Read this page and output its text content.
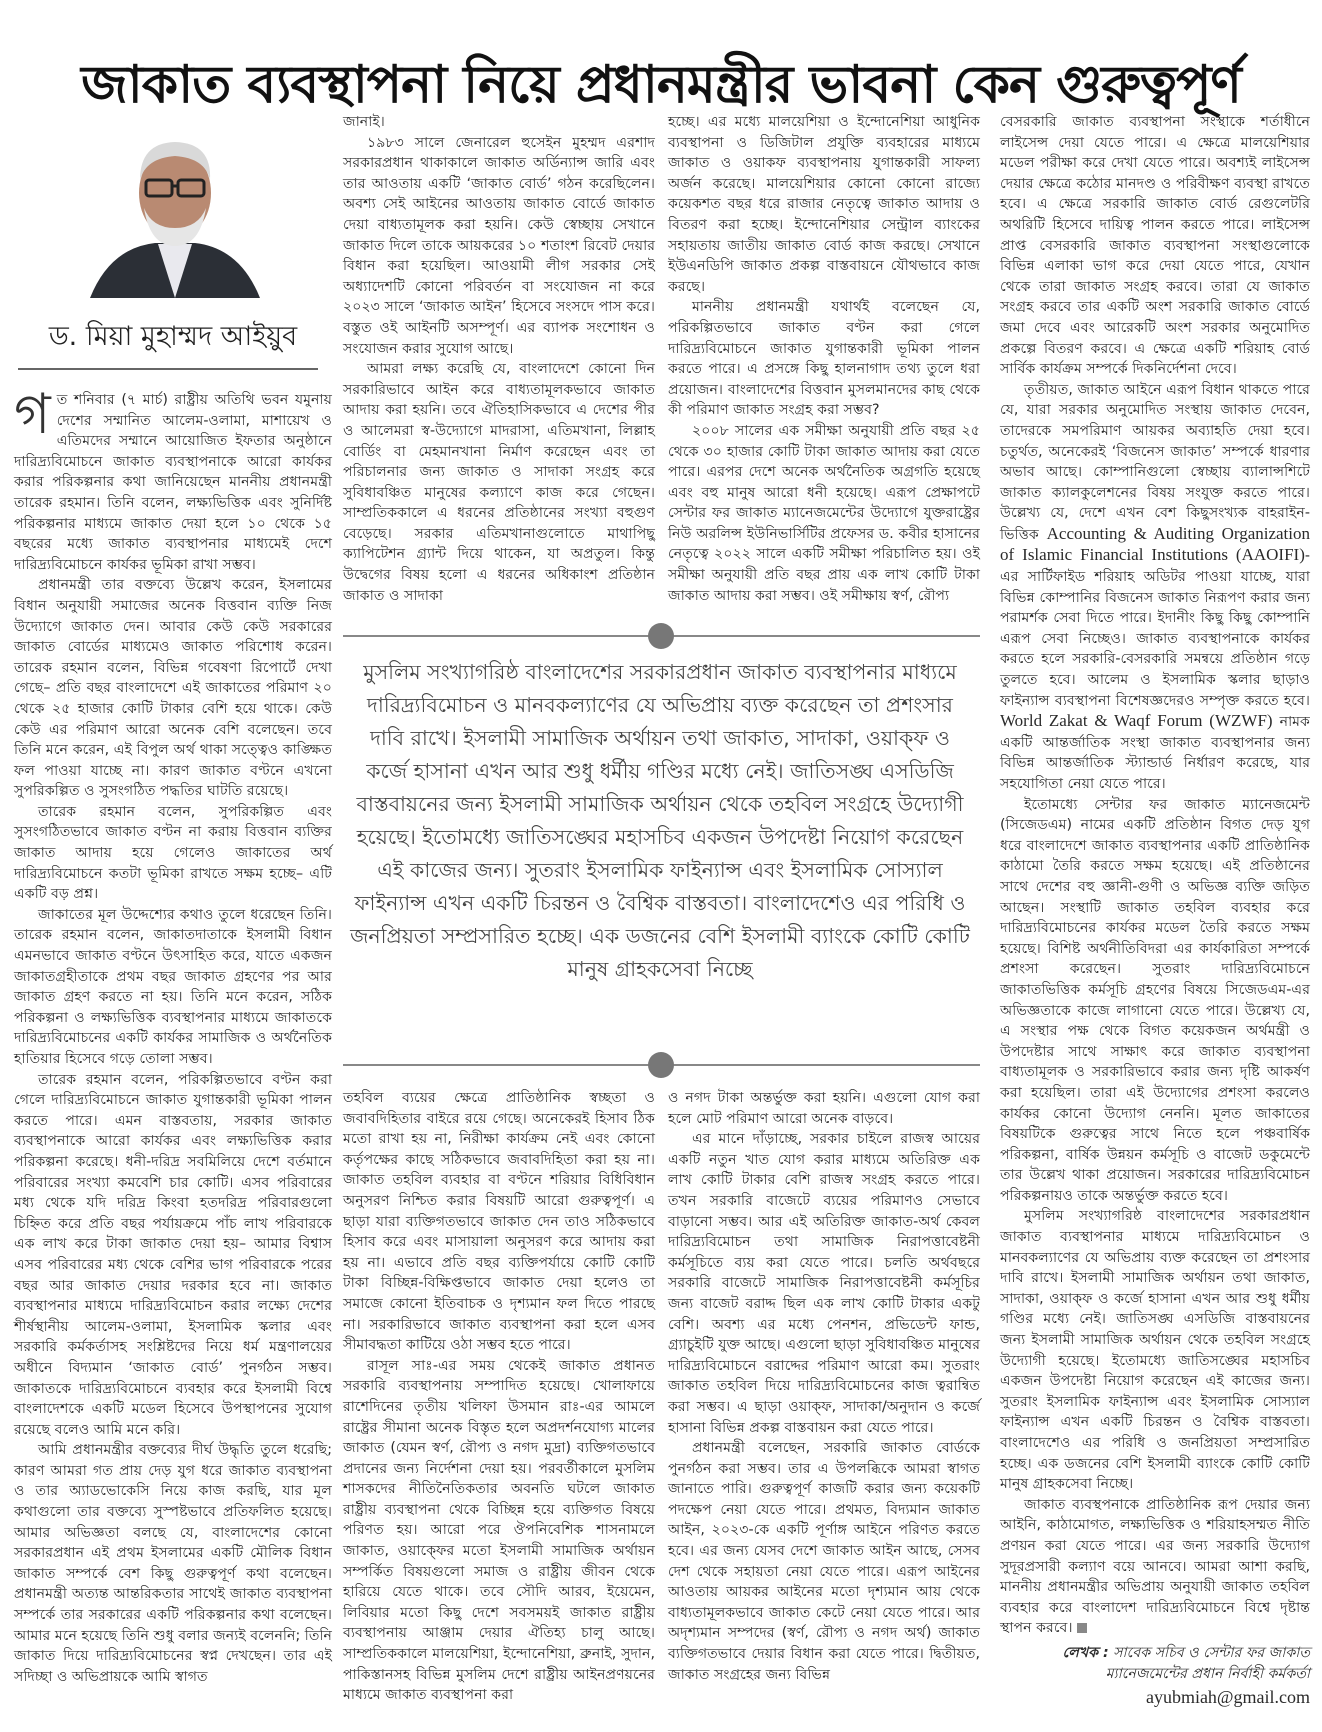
জাকাত ব্যবস্থাপনা নিয়ে প্রধানমন্ত্রীর ভাবনা কেন গুরুত্বপূর্ণ
ড. মিয়া মুহাম্মদ আইয়ুব

গত শনিবার (৭ মার্চ) রাষ্ট্রীয় অতিথি ভবন যমুনায় দেশের সম্মানিত আলেম-ওলামা, মাশায়েখ ও এতিমদের সম্মানে আয়োজিত ইফতার অনুষ্ঠানে দারিদ্র্যবিমোচনে জাকাত ব্যবস্থাপনাকে আরো কার্যকর করার পরিকল্পনার কথা জানিয়েছেন মাননীয় প্রধানমন্ত্রী তারেক রহমান। তিনি বলেন, লক্ষ্যভিত্তিক এবং সুনির্দিষ্ট পরিকল্পনার মাধ্যমে জাকাত দেয়া হলে ১০ থেকে ১৫ বছরের মধ্যে জাকাত ব্যবস্থাপনার মাধ্যমেই দেশে দারিদ্র্যবিমোচনে কার্যকর ভূমিকা রাখা সম্ভব।

প্রধানমন্ত্রী তার বক্তব্যে উল্লেখ করেন, ইসলামের বিধান অনুযায়ী সমাজের অনেক বিত্তবান ব্যক্তি নিজ উদ্যোগে জাকাত দেন। আবার কেউ কেউ সরকারের জাকাত বোর্ডের মাধ্যমেও জাকাত পরিশোধ করেন। তারেক রহমান বলেন, বিভিন্ন গবেষণা রিপোর্টে দেখা গেছে– প্রতি বছর বাংলাদেশে এই জাকাতের পরিমাণ ২০ থেকে ২৫ হাজার কোটি টাকার বেশি হয়ে থাকে। কেউ কেউ এর পরিমাণ আরো অনেক বেশি বলেছেন। তবে তিনি মনে করেন, এই বিপুল অর্থ থাকা সত্ত্বেও কাঙ্ক্ষিত ফল পাওয়া যাচ্ছে না। কারণ জাকাত বণ্টনে এখনো সুপরিকল্পিত ও সুসংগঠিত পদ্ধতির ঘাটতি রয়েছে।

তারেক রহমান বলেন, সুপরিকল্পিত এবং সুসংগঠিতভাবে জাকাত বণ্টন না করায় বিত্তবান ব্যক্তির জাকাত আদায় হয়ে গেলেও জাকাতের অর্থ দারিদ্র্যবিমোচনে কতটা ভূমিকা রাখতে সক্ষম হচ্ছে– এটি একটি বড় প্রশ্ন।

জাকাতের মূল উদ্দেশ্যের কথাও তুলে ধরেছেন তিনি। তারেক রহমান বলেন, জাকাতদাতাকে ইসলামী বিধান এমনভাবে জাকাত বণ্টনে উৎসাহিত করে, যাতে একজন জাকাতগ্রহীতাকে প্রথম বছর জাকাত গ্রহণের পর আর জাকাত গ্রহণ করতে না হয়। তিনি মনে করেন, সঠিক পরিকল্পনা ও লক্ষ্যভিত্তিক ব্যবস্থাপনার মাধ্যমে জাকাতকে দারিদ্র্যবিমোচনের একটি কার্যকর সামাজিক ও অর্থনৈতিক হাতিয়ার হিসেবে গড়ে তোলা সম্ভব।

তারেক রহমান বলেন, পরিকল্পিতভাবে বণ্টন করা গেলে দারিদ্র্যবিমোচনে জাকাত যুগান্তকারী ভূমিকা পালন করতে পারে। এমন বাস্তবতায়, সরকার জাকাত ব্যবস্থাপনাকে আরো কার্যকর এবং লক্ষ্যভিত্তিক করার পরিকল্পনা করেছে। ধনী-দরিদ্র সবমিলিয়ে দেশে বর্তমানে পরিবারের সংখ্যা কমবেশি চার কোটি। এসব পরিবারের মধ্য থেকে যদি দরিদ্র কিংবা হতদরিদ্র পরিবারগুলো চিহ্নিত করে প্রতি বছর পর্যায়ক্রমে পাঁচ লাখ পরিবারকে এক লাখ করে টাকা জাকাত দেয়া হয়– আমার বিশ্বাস এসব পরিবারের মধ্য থেকে বেশির ভাগ পরিবারকে পরের বছর আর জাকাত দেয়ার দরকার হবে না। জাকাত ব্যবস্থাপনার মাধ্যমে দারিদ্র্যবিমোচন করার লক্ষ্যে দেশের শীর্ষস্থানীয় আলেম-ওলামা, ইসলামিক স্কলার এবং সরকারি কর্মকর্তাসহ সংশ্লিষ্টদের নিয়ে ধর্ম মন্ত্রণালয়ের অধীনে বিদ্যমান ‘জাকাত বোর্ড’ পুনর্গঠন সম্ভব। জাকাতকে দারিদ্র্যবিমোচনে ব্যবহার করে ইসলামী বিশ্বে বাংলাদেশকে একটি মডেল হিসেবে উপস্থাপনের সুযোগ রয়েছে বলেও আমি মনে করি।

আমি প্রধানমন্ত্রীর বক্তব্যের দীর্ঘ উদ্ধৃতি তুলে ধরেছি; কারণ আমরা গত প্রায় দেড় যুগ ধরে জাকাত ব্যবস্থাপনা ও তার অ্যাডভোকেসি নিয়ে কাজ করছি, যার মূল কথাগুলো তার বক্তব্যে সুস্পষ্টভাবে প্রতিফলিত হয়েছে। আমার অভিজ্ঞতা বলছে যে, বাংলাদেশের কোনো সরকারপ্রধান এই প্রথম ইসলামের একটি মৌলিক বিধান জাকাত সম্পর্কে বেশ কিছু গুরুত্বপূর্ণ কথা বলেছেন। প্রধানমন্ত্রী অত্যন্ত আন্তরিকতার সাথেই জাকাত ব্যবস্থাপনা সম্পর্কে তার সরকারের একটি পরিকল্পনার কথা বলেছেন। আমার মনে হয়েছে তিনি শুধু বলার জন্যই বলেননি; তিনি জাকাত দিয়ে দারিদ্র্যবিমোচনের স্বপ্ন দেখছেন। তার এই সদিচ্ছা ও অভিপ্রায়কে আমি স্বাগত

জানাই।

১৯৮৩ সালে জেনারেল হুসেইন মুহম্মদ এরশাদ সরকারপ্রধান থাকাকালে জাকাত অর্ডিন্যান্স জারি এবং তার আওতায় একটি ‘জাকাত বোর্ড’ গঠন করেছিলেন। অবশ্য সেই আইনের আওতায় জাকাত বোর্ডে জাকাত দেয়া বাধ্যতামূলক করা হয়নি। কেউ স্বেচ্ছায় সেখানে জাকাত দিলে তাকে আয়করের ১০ শতাংশ রিবেট দেয়ার বিধান করা হয়েছিল। আওয়ামী লীগ সরকার সেই অধ্যাদেশটি কোনো পরিবর্তন বা সংযোজন না করে ২০২৩ সালে ‘জাকাত আইন’ হিসেবে সংসদে পাস করে। বস্তুত ওই আইনটি অসম্পূর্ণ। এর ব্যাপক সংশোধন ও সংযোজন করার সুযোগ আছে।

আমরা লক্ষ্য করেছি যে, বাংলাদেশে কোনো দিন সরকারিভাবে আইন করে বাধ্যতামূলকভাবে জাকাত আদায় করা হয়নি। তবে ঐতিহাসিকভাবে এ দেশের পীর ও আলেমরা স্ব-উদ্যোগে মাদরাসা, এতিমখানা, লিল্লাহ বোর্ডিং বা মেহমানখানা নির্মাণ করেছেন এবং তা পরিচালনার জন্য জাকাত ও সাদাকা সংগ্রহ করে সুবিধাবঞ্চিত মানুষের কল্যাণে কাজ করে গেছেন। সাম্প্রতিককালে এ ধরনের প্রতিষ্ঠানের সংখ্যা বহুগুণ বেড়েছে। সরকার এতিমখানাগুলোতে মাথাপিছু ক্যাপিটেশন গ্র্যান্ট দিয়ে থাকেন, যা অপ্রতুল। কিন্তু উদ্বেগের বিষয় হলো এ ধরনের অধিকাংশ প্রতিষ্ঠান জাকাত ও সাদাকা

হচ্ছে। এর মধ্যে মালয়েশিয়া ও ইন্দোনেশিয়া আধুনিক ব্যবস্থাপনা ও ডিজিটাল প্রযুক্তি ব্যবহারের মাধ্যমে জাকাত ও ওয়াকফ ব্যবস্থাপনায় যুগান্তকারী সাফল্য অর্জন করেছে। মালয়েশিয়ার কোনো কোনো রাজ্যে কয়েকশত বছর ধরে রাজার নেতৃত্বে জাকাত আদায় ও বিতরণ করা হচ্ছে। ইন্দোনেশিয়ার সেন্ট্রাল ব্যাংকের সহায়তায় জাতীয় জাকাত বোর্ড কাজ করছে। সেখানে ইউএনডিপি জাকাত প্রকল্প বাস্তবায়নে যৌথভাবে কাজ করছে।

মাননীয় প্রধানমন্ত্রী যথার্থই বলেছেন যে, পরিকল্পিতভাবে জাকাত বণ্টন করা গেলে দারিদ্র্যবিমোচনে জাকাত যুগান্তকারী ভূমিকা পালন করতে পারে। এ প্রসঙ্গে কিছু হালনাগাদ তথ্য তুলে ধরা প্রয়োজন। বাংলাদেশের বিত্তবান মুসলমানদের কাছ থেকে কী পরিমাণ জাকাত সংগ্রহ করা সম্ভব?

২০০৮ সালের এক সমীক্ষা অনুযায়ী প্রতি বছর ২৫ থেকে ৩০ হাজার কোটি টাকা জাকাত আদায় করা যেতে পারে। এরপর দেশে অনেক অর্থনৈতিক অগ্রগতি হয়েছে এবং বহু মানুষ আরো ধনী হয়েছে। এরূপ প্রেক্ষাপটে সেন্টার ফর জাকাত ম্যানেজমেন্টের উদ্যোগে যুক্তরাষ্ট্রের নিউ অরলিন্স ইউনিভার্সিটির প্রফেসর ড. কবীর হাসানের নেতৃত্বে ২০২২ সালে একটি সমীক্ষা পরিচালিত হয়। ওই সমীক্ষা অনুযায়ী প্রতি বছর প্রায় এক লাখ কোটি টাকা জাকাত আদায় করা সম্ভব। ওই সমীক্ষায় স্বর্ণ, রৌপ্য

মুসলিম সংখ্যাগরিষ্ঠ বাংলাদেশের সরকারপ্রধান জাকাত ব্যবস্থাপনার মাধ্যমে দারিদ্র্যবিমোচন ও মানবকল্যাণের যে অভিপ্রায় ব্যক্ত করেছেন তা প্রশংসার দাবি রাখে। ইসলামী সামাজিক অর্থায়ন তথা জাকাত, সাদাকা, ওয়াক্ফ ও কর্জে হাসানা এখন আর শুধু ধর্মীয় গণ্ডির মধ্যে নেই। জাতিসঙ্ঘ এসডিজি বাস্তবায়নের জন্য ইসলামী সামাজিক অর্থায়ন থেকে তহবিল সংগ্রহে উদ্যোগী হয়েছে। ইতোমধ্যে জাতিসঙ্ঘের মহাসচিব একজন উপদেষ্টা নিয়োগ করেছেন এই কাজের জন্য। সুতরাং ইসলামিক ফাইন্যান্স এবং ইসলামিক সোস্যাল ফাইন্যান্স এখন একটি চিরন্তন ও বৈশ্বিক বাস্তবতা। বাংলাদেশেও এর পরিধি ও জনপ্রিয়তা সম্প্রসারিত হচ্ছে। এক ডজনের বেশি ইসলামী ব্যাংকে কোটি কোটি মানুষ গ্রাহকসেবা নিচ্ছে

তহবিল ব্যয়ের ক্ষেত্রে প্রাতিষ্ঠানিক স্বচ্ছতা ও জবাবদিহিতার বাইরে রয়ে গেছে। অনেকেরই হিসাব ঠিক মতো রাখা হয় না, নিরীক্ষা কার্যক্রম নেই এবং কোনো কর্তৃপক্ষের কাছে সঠিকভাবে জবাবদিহিতা করা হয় না। জাকাত তহবিল ব্যবহার বা বণ্টনে শরিয়ার বিধিবিধান অনুসরণ নিশ্চিত করার বিষয়টি আরো গুরুত্বপূর্ণ। এ ছাড়া যারা ব্যক্তিগতভাবে জাকাত দেন তাও সঠিকভাবে হিসাব করে এবং মাসায়ালা অনুসরণ করে আদায় করা হয় না। এভাবে প্রতি বছর ব্যক্তিপর্যায়ে কোটি কোটি টাকা বিচ্ছিন্ন-বিক্ষিপ্তভাবে জাকাত দেয়া হলেও তা সমাজে কোনো ইতিবাচক ও দৃশ্যমান ফল দিতে পারছে না। সরকারিভাবে জাকাত ব্যবস্থাপনা করা হলে এসব সীমাবদ্ধতা কাটিয়ে ওঠা সম্ভব হতে পারে।

রাসূল সাঃ-এর সময় থেকেই জাকাত প্রধানত সরকারি ব্যবস্থাপনায় সম্পাদিত হয়েছে। খোলাফায়ে রাশেদিনের তৃতীয় খলিফা উসমান রাঃ-এর আমলে রাষ্ট্রের সীমানা অনেক বিস্তৃত হলে অপ্রদর্শনযোগ্য মালের জাকাত (যেমন স্বর্ণ, রৌপ্য ও নগদ মুদ্রা) ব্যক্তিগতভাবে প্রদানের জন্য নির্দেশনা দেয়া হয়। পরবর্তীকালে মুসলিম শাসকদের নীতিনৈতিকতার অবনতি ঘটলে জাকাত রাষ্ট্রীয় ব্যবস্থাপনা থেকে বিচ্ছিন্ন হয়ে ব্যক্তিগত বিষয়ে পরিণত হয়। আরো পরে ঔপনিবেশিক শাসনামলে জাকাত, ওয়াক্ফের মতো ইসলামী সামাজিক অর্থায়ন সম্পর্কিত বিষয়গুলো সমাজ ও রাষ্ট্রীয় জীবন থেকে হারিয়ে যেতে থাকে। তবে সৌদি আরব, ইয়েমেন, লিবিয়ার মতো কিছু দেশে সবসময়ই জাকাত রাষ্ট্রীয় ব্যবস্থাপনায় আঞ্জাম দেয়ার ঐতিহ্য চালু আছে। সাম্প্রতিককালে মালয়েশিয়া, ইন্দোনেশিয়া, ব্রুনাই, সুদান, পাকিস্তানসহ বিভিন্ন মুসলিম দেশে রাষ্ট্রীয় আইনপ্রণয়নের মাধ্যমে জাকাত ব্যবস্থাপনা করা

ও নগদ টাকা অন্তর্ভুক্ত করা হয়নি। এগুলো যোগ করা হলে মোট পরিমাণ আরো অনেক বাড়বে।

এর মানে দাঁড়াচ্ছে, সরকার চাইলে রাজস্ব আয়ের একটি নতুন খাত যোগ করার মাধ্যমে অতিরিক্ত এক লাখ কোটি টাকার বেশি রাজস্ব সংগ্রহ করতে পারে। তখন সরকারি বাজেটে ব্যয়ের পরিমাণও সেভাবে বাড়ানো সম্ভব। আর এই অতিরিক্ত জাকাত-অর্থ কেবল দারিদ্র্যবিমোচন তথা সামাজিক নিরাপত্তাবেষ্টনী কর্মসূচিতে ব্যয় করা যেতে পারে। চলতি অর্থবছরে সরকারি বাজেটে সামাজিক নিরাপত্তাবেষ্টনী কর্মসূচির জন্য বাজেট বরাদ্দ ছিল এক লাখ কোটি টাকার একটু বেশি। অবশ্য এর মধ্যে পেনশন, প্রভিডেন্ট ফান্ড, গ্র্যাচুইটি যুক্ত আছে। এগুলো ছাড়া সুবিধাবঞ্চিত মানুষের দারিদ্র্যবিমোচনে বরাদ্দের পরিমাণ আরো কম। সুতরাং জাকাত তহবিল দিয়ে দারিদ্র্যবিমোচনের কাজ ত্বরান্বিত করা সম্ভব। এ ছাড়া ওয়াক্ফ, সাদাকা/অনুদান ও কর্জে হাসানা বিভিন্ন প্রকল্প বাস্তবায়ন করা যেতে পারে।

প্রধানমন্ত্রী বলেছেন, সরকারি জাকাত বোর্ডকে পুনর্গঠন করা সম্ভব। তার এ উপলব্ধিকে আমরা স্বাগত জানাতে পারি। গুরুত্বপূর্ণ কাজটি করার জন্য কয়েকটি পদক্ষেপ নেয়া যেতে পারে। প্রথমত, বিদ্যমান জাকাত আইন, ২০২৩-কে একটি পূর্ণাঙ্গ আইনে পরিণত করতে হবে। এর জন্য যেসব দেশে জাকাত আইন আছে, সেসব দেশ থেকে সহায়তা নেয়া যেতে পারে। এরূপ আইনের আওতায় আয়কর আইনের মতো দৃশ্যমান আয় থেকে বাধ্যতামূলকভাবে জাকাত কেটে নেয়া যেতে পারে। আর অদৃশ্যমান সম্পদের (স্বর্ণ, রৌপ্য ও নগদ অর্থ) জাকাত ব্যক্তিগতভাবে দেয়ার বিধান করা যেতে পারে। দ্বিতীয়ত, জাকাত সংগ্রহের জন্য বিভিন্ন

বেসরকারি জাকাত ব্যবস্থাপনা সংস্থাকে শর্তাধীনে লাইসেন্স দেয়া যেতে পারে। এ ক্ষেত্রে মালয়েশিয়ার মডেল পরীক্ষা করে দেখা যেতে পারে। অবশ্যই লাইসেন্স দেয়ার ক্ষেত্রে কঠোর মানদণ্ড ও পরিবীক্ষণ ব্যবস্থা রাখতে হবে। এ ক্ষেত্রে সরকারি জাকাত বোর্ড রেগুলেটরি অথরিটি হিসেবে দায়িত্ব পালন করতে পারে। লাইসেন্স প্রাপ্ত বেসরকারি জাকাত ব্যবস্থাপনা সংস্থাগুলোকে বিভিন্ন এলাকা ভাগ করে দেয়া যেতে পারে, যেখান থেকে তারা জাকাত সংগ্রহ করবে। তারা যে জাকাত সংগ্রহ করবে তার একটি অংশ সরকারি জাকাত বোর্ডে জমা দেবে এবং আরেকটি অংশ সরকার অনুমোদিত প্রকল্পে বিতরণ করবে। এ ক্ষেত্রে একটি শরিয়াহ বোর্ড সার্বিক কার্যক্রম সম্পর্কে দিকনির্দেশনা দেবে।

তৃতীয়ত, জাকাত আইনে এরূপ বিধান থাকতে পারে যে, যারা সরকার অনুমোদিত সংস্থায় জাকাত দেবেন, তাদেরকে সমপরিমাণ আয়কর অব্যাহতি দেয়া হবে। চতুর্থত, অনেকেরই ‘বিজনেস জাকাত’ সম্পর্কে ধারণার অভাব আছে। কোম্পানিগুলো স্বেচ্ছায় ব্যালান্সশিটে জাকাত ক্যালকুলেশনের বিষয় সংযুক্ত করতে পারে। উল্লেখ্য যে, দেশে এখন বেশ কিছুসংখ্যক বাহরাইন-ভিত্তিক Accounting & Auditing Organization of Islamic Financial Institutions (AAOIFI)-এর সার্টিফাইড শরিয়াহ অডিটর পাওয়া যাচ্ছে, যারা বিভিন্ন কোম্পানির বিজনেস জাকাত নিরূপণ করার জন্য পরামর্শক সেবা দিতে পারে। ইদানীং কিছু কিছু কোম্পানি এরূপ সেবা নিচ্ছেও। জাকাত ব্যবস্থাপনাকে কার্যকর করতে হলে সরকারি-বেসরকারি সমন্বয়ে প্রতিষ্ঠান গড়ে তুলতে হবে। আলেম ও ইসলামিক স্কলার ছাড়াও ফাইন্যান্স ব্যবস্থাপনা বিশেষজ্ঞদেরও সম্পৃক্ত করতে হবে। World Zakat & Waqf Forum (WZWF) নামক একটি আন্তর্জাতিক সংস্থা জাকাত ব্যবস্থাপনার জন্য বিভিন্ন আন্তর্জাতিক স্ট্যান্ডার্ড নির্ধারণ করেছে, যার সহযোগিতা নেয়া যেতে পারে।

ইতোমধ্যে সেন্টার ফর জাকাত ম্যানেজমেন্ট (সিজেডএম) নামের একটি প্রতিষ্ঠান বিগত দেড় যুগ ধরে বাংলাদেশে জাকাত ব্যবস্থাপনার একটি প্রাতিষ্ঠানিক কাঠামো তৈরি করতে সক্ষম হয়েছে। এই প্রতিষ্ঠানের সাথে দেশের বহু জ্ঞানী-গুণী ও অভিজ্ঞ ব্যক্তি জড়িত আছেন। সংস্থাটি জাকাত তহবিল ব্যবহার করে দারিদ্র্যবিমোচনের কার্যকর মডেল তৈরি করতে সক্ষম হয়েছে। বিশিষ্ট অর্থনীতিবিদরা এর কার্যকারিতা সম্পর্কে প্রশংসা করেছেন। সুতরাং দারিদ্র্যবিমোচনে জাকাতভিত্তিক কর্মসূচি গ্রহণের বিষয়ে সিজেডএম-এর অভিজ্ঞতাকে কাজে লাগানো যেতে পারে। উল্লেখ্য যে, এ সংস্থার পক্ষ থেকে বিগত কয়েকজন অর্থমন্ত্রী ও উপদেষ্টার সাথে সাক্ষাৎ করে জাকাত ব্যবস্থাপনা বাধ্যতামূলক ও সরকারিভাবে করার জন্য দৃষ্টি আকর্ষণ করা হয়েছিল। তারা এই উদ্যোগের প্রশংসা করলেও কার্যকর কোনো উদ্যোগ নেননি। মূলত জাকাতের বিষয়টিকে গুরুত্বের সাথে নিতে হলে পঞ্চবার্ষিক পরিকল্পনা, বার্ষিক উন্নয়ন কর্মসূচি ও বাজেট ডকুমেন্টে তার উল্লেখ থাকা প্রয়োজন। সরকারের দারিদ্র্যবিমোচন পরিকল্পনায়ও তাকে অন্তর্ভুক্ত করতে হবে।

মুসলিম সংখ্যাগরিষ্ঠ বাংলাদেশের সরকারপ্রধান জাকাত ব্যবস্থাপনার মাধ্যমে দারিদ্র্যবিমোচন ও মানবকল্যাণের যে অভিপ্রায় ব্যক্ত করেছেন তা প্রশংসার দাবি রাখে। ইসলামী সামাজিক অর্থায়ন তথা জাকাত, সাদাকা, ওয়াক্ফ ও কর্জে হাসানা এখন আর শুধু ধর্মীয় গণ্ডির মধ্যে নেই। জাতিসঙ্ঘ এসডিজি বাস্তবায়নের জন্য ইসলামী সামাজিক অর্থায়ন থেকে তহবিল সংগ্রহে উদ্যোগী হয়েছে। ইতোমধ্যে জাতিসঙ্ঘের মহাসচিব একজন উপদেষ্টা নিয়োগ করেছেন এই কাজের জন্য। সুতরাং ইসলামিক ফাইন্যান্স এবং ইসলামিক সোস্যাল ফাইন্যান্স এখন একটি চিরন্তন ও বৈশ্বিক বাস্তবতা। বাংলাদেশেও এর পরিধি ও জনপ্রিয়তা সম্প্রসারিত হচ্ছে। এক ডজনের বেশি ইসলামী ব্যাংকে কোটি কোটি মানুষ গ্রাহকসেবা নিচ্ছে।

জাকাত ব্যবস্থপনাকে প্রাতিষ্ঠানিক রূপ দেয়ার জন্য আইনি, কাঠামোগত, লক্ষ্যভিত্তিক ও শরিয়াহসম্মত নীতি প্রণয়ন করা যেতে পারে। এর জন্য সরকারি উদ্যোগ সুদূরপ্রসারী কল্যাণ বয়ে আনবে। আমরা আশা করছি, মাননীয় প্রধানমন্ত্রীর অভিপ্রায় অনুযায়ী জাকাত তহবিল ব্যবহার করে বাংলাদেশ দারিদ্র্যবিমোচনে বিশ্বে দৃষ্টান্ত স্থাপন করবে।

লেখক : সাবেক সচিব ও সেন্টার ফর জাকাত ম্যানেজমেন্টের প্রধান নির্বাহী কর্মকর্তা
ayubmiah@gmail.com
